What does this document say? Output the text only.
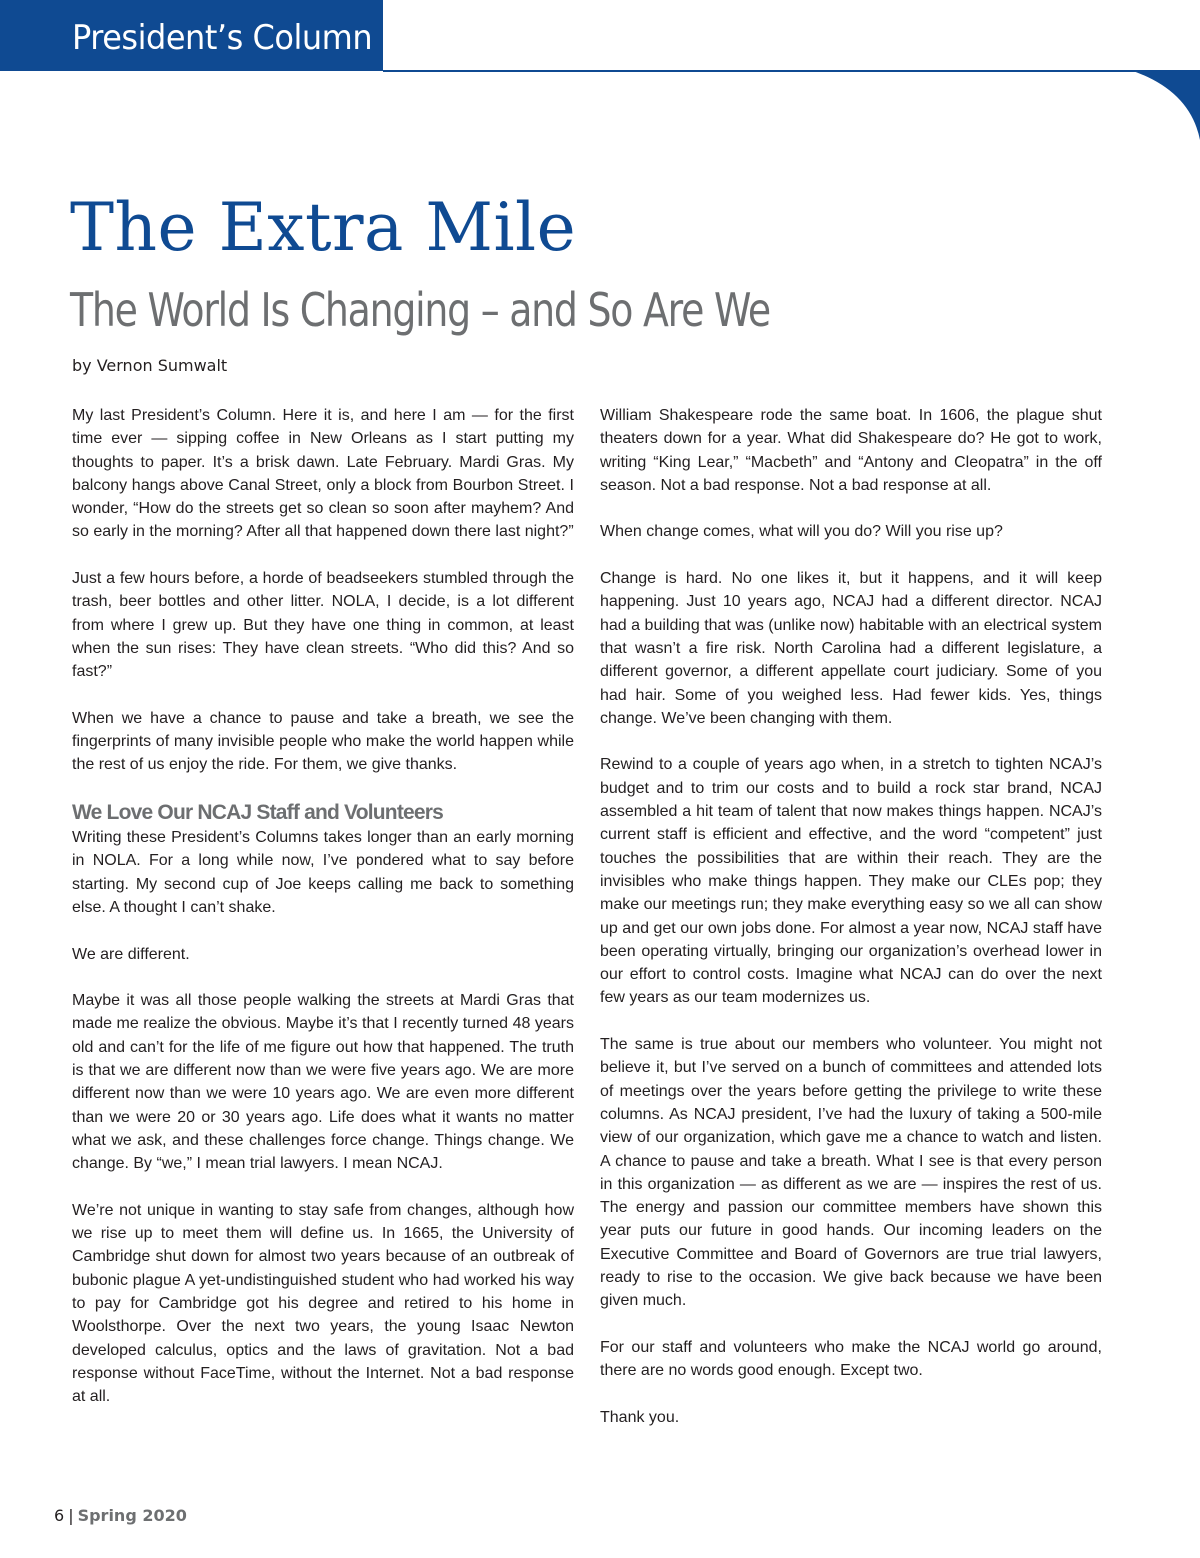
President’s Column
The Extra Mile
The World Is Changing – and So Are We

by Vernon Sumwalt

My last President’s Column. Here it is, and here I am — for the first time ever — sipping coffee in New Orleans as I start putting my thoughts to paper. It’s a brisk dawn. Late February. Mardi Gras. My balcony hangs above Canal Street, only a block from Bourbon Street. I wonder, “How do the streets get so clean so soon after mayhem? And so early in the morning? After all that happened down there last night?”

Just a few hours before, a horde of beadseekers stumbled through the trash, beer bottles and other litter. NOLA, I decide, is a lot different from where I grew up. But they have one thing in common, at least when the sun rises: They have clean streets. “Who did this? And so fast?”

When we have a chance to pause and take a breath, we see the fingerprints of many invisible people who make the world happen while the rest of us enjoy the ride. For them, we give thanks.

We Love Our NCAJ Staff and Volunteers

Writing these President’s Columns takes longer than an early morning in NOLA. For a long while now, I’ve pondered what to say before starting. My second cup of Joe keeps calling me back to something else. A thought I can’t shake.

We are different.

Maybe it was all those people walking the streets at Mardi Gras that made me realize the obvious. Maybe it’s that I recently turned 48 years old and can’t for the life of me figure out how that happened. The truth is that we are different now than we were five years ago. We are more different now than we were 10 years ago. We are even more different than we were 20 or 30 years ago. Life does what it wants no matter what we ask, and these challenges force change. Things change. We change. By “we,” I mean trial lawyers. I mean NCAJ.

We’re not unique in wanting to stay safe from changes, although how we rise up to meet them will define us. In 1665, the University of Cambridge shut down for almost two years because of an outbreak of bubonic plague A yet-undistinguished student who had worked his way to pay for Cambridge got his degree and retired to his home in Woolsthorpe. Over the next two years, the young Isaac Newton developed calculus, optics and the laws of gravitation. Not a bad response without FaceTime, without the Internet. Not a bad response at all.

William Shakespeare rode the same boat. In 1606, the plague shut theaters down for a year. What did Shakespeare do? He got to work, writing “King Lear,” “Macbeth” and “Antony and Cleopatra” in the off season. Not a bad response. Not a bad response at all.

When change comes, what will you do? Will you rise up?

Change is hard. No one likes it, but it happens, and it will keep happening. Just 10 years ago, NCAJ had a different director. NCAJ had a building that was (unlike now) habitable with an electrical system that wasn’t a fire risk. North Carolina had a different legislature, a different governor, a different appellate court judiciary. Some of you had hair. Some of you weighed less. Had fewer kids. Yes, things change. We’ve been changing with them.

Rewind to a couple of years ago when, in a stretch to tighten NCAJ’s budget and to trim our costs and to build a rock star brand, NCAJ assembled a hit team of talent that now makes things happen. NCAJ’s current staff is efficient and effective, and the word “competent” just touches the possibilities that are within their reach. They are the invisibles who make things happen. They make our CLEs pop; they make our meetings run; they make everything easy so we all can show up and get our own jobs done. For almost a year now, NCAJ staff have been operating virtually, bringing our organization’s overhead lower in our effort to control costs. Imagine what NCAJ can do over the next few years as our team modernizes us.

The same is true about our members who volunteer. You might not believe it, but I’ve served on a bunch of committees and attended lots of meetings over the years before getting the privilege to write these columns. As NCAJ president, I’ve had the luxury of taking a 500-mile view of our organization, which gave me a chance to watch and listen. A chance to pause and take a breath. What I see is that every person in this organization — as different as we are — inspires the rest of us. The energy and passion our committee members have shown this year puts our future in good hands. Our incoming leaders on the Executive Committee and Board of Governors are true trial lawyers, ready to rise to the occasion. We give back because we have been given much.

For our staff and volunteers who make the NCAJ world go around, there are no words good enough. Except two.

Thank you.

6 | Spring 2020
